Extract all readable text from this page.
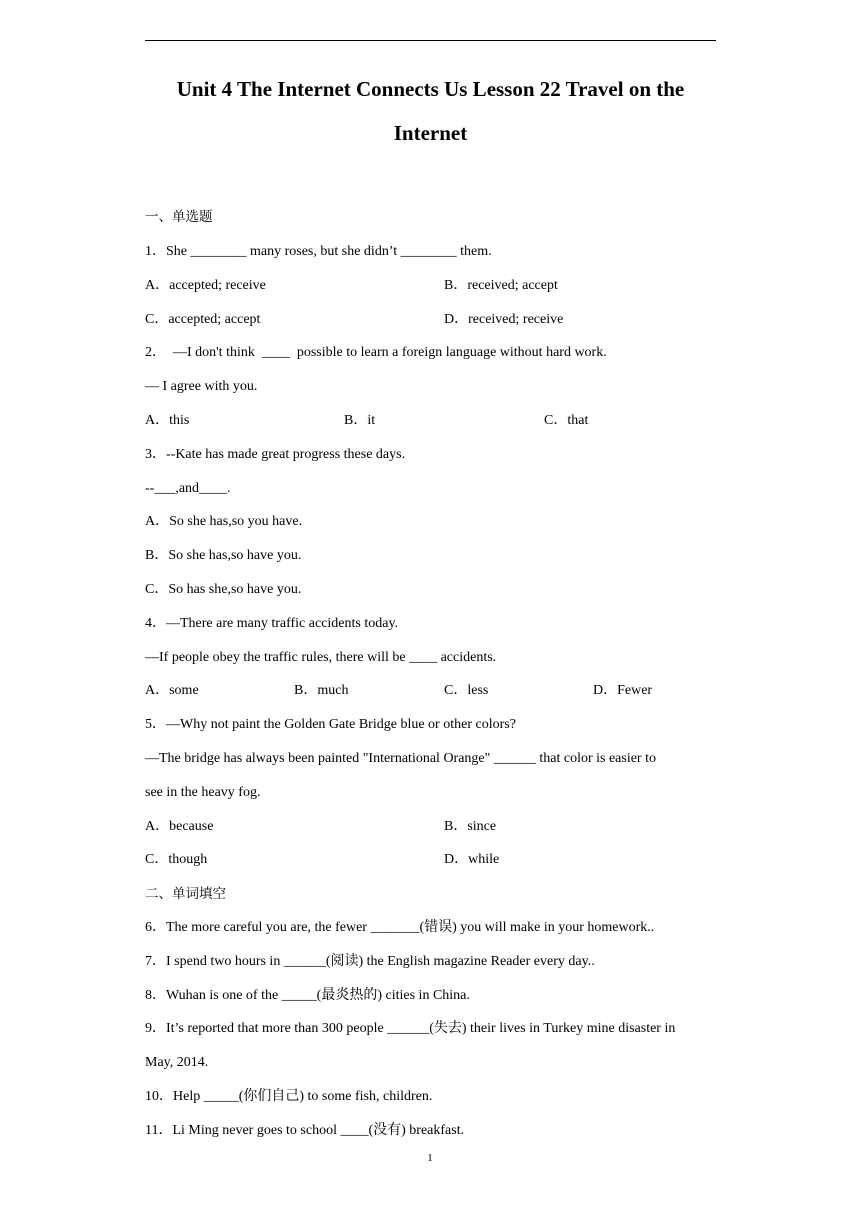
Unit 4 The Internet Connects Us Lesson 22 Travel on the
Internet
一、单选题
1．She ________ many roses, but she didn’t ________ them.
A．accepted; receive	B．received; accept
C．accepted; accept	D．received; receive
2．  —I don't think  ____  possible to learn a foreign language without hard work.
— I agree with you.
A．this	B．it	C．that
3．--Kate has made great progress these days.
--___,and____.
A．So she has,so you have.
B．So she has,so have you.
C．So has she,so have you.
4．—There are many traffic accidents today.
—If people obey the traffic rules, there will be ____ accidents.
A．some	B．much	C．less	D．Fewer
5．—Why not paint the Golden Gate Bridge blue or other colors?
—The bridge has always been painted "International Orange" ______ that color is easier to
see in the heavy fog.
A．because	B．since
C．though	D．while
二、单词填空
6．The more careful you are, the fewer _______(错误) you will make in your homework..
7．I spend two hours in ______(阅读) the English magazine Reader every day..
8．Wuhan is one of the _____(最炎热的) cities in China.
9．It’s reported that more than 300 people ______(失去) their lives in Turkey mine disaster in
May, 2014.
10．Help _____(你们自己) to some fish, children.
11．Li Ming never goes to school ____(没有) breakfast.
1
